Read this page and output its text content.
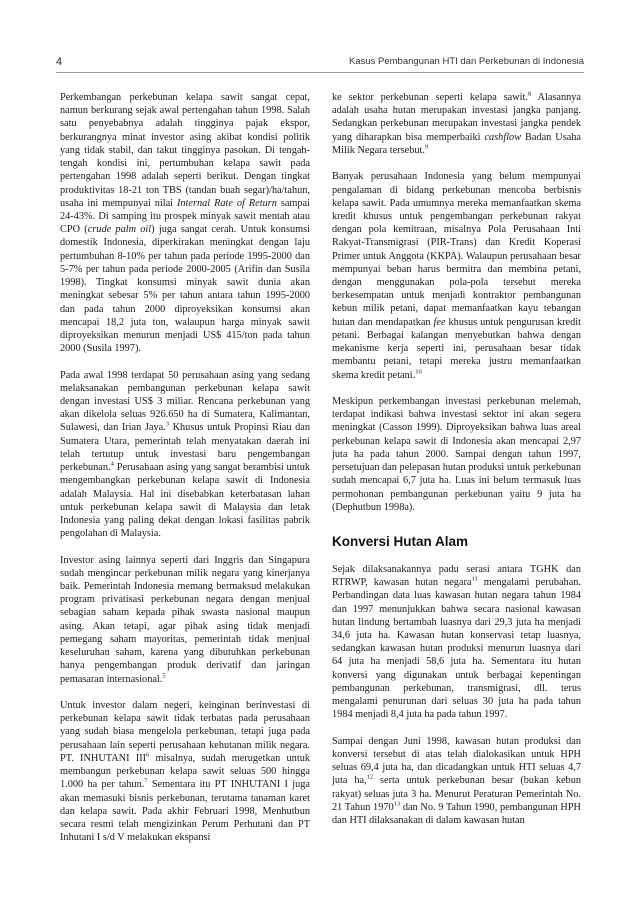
4	Kasus Pembangunan HTI dan Perkebunan di Indonesia

Perkembangan perkebunan kelapa sawit sangat cepat, namun berkurang sejak awal pertengahan tahun 1998. Salah satu penyebabnya adalah tingginya pajak ekspor, berkurangnya minat investor asing akibat kondisi politik yang tidak stabil, dan takut tingginya pasokan. Di tengah-tengah kondisi ini, pertumbuhan kelapa sawit pada pertengahan 1998 adalah seperti berikut. Dengan tingkat produktivitas 18-21 ton TBS (tandan buah segar)/ha/tahun, usaha ini mempunyai nilai Internal Rate of Return sampai 24-43%. Di samping itu prospek minyak sawit mentah atau CPO (crude palm oil) juga sangat cerah. Untuk konsumsi domestik Indonesia, diperkirakan meningkat dengan laju pertumbuhan 8-10% per tahun pada periode 1995-2000 dan 5-7% per tahun pada periode 2000-2005 (Arifin dan Susila 1998). Tingkat konsumsi minyak sawit dunia akan meningkat sebesar 5% per tahun antara tahun 1995-2000 dan pada tahun 2000 diproyeksikan konsumsi akan mencapai 18,2 juta ton, walaupun harga minyak sawit diproyeksikan menurun menjadi US$ 415/ton pada tahun 2000 (Susila 1997).

Pada awal 1998 terdapat 50 perusahaan asing yang sedang melaksanakan pembangunan perkebunan kelapa sawit dengan investasi US$ 3 miliar. Rencana perkebunan yang akan dikelola seluas 926.650 ha di Sumatera, Kalimantan, Sulawesi, dan Irian Jaya.$^3$ Khusus untuk Propinsi Riau dan Sumatera Utara, pemerintah telah menyatakan daerah ini telah tertutup untuk investasi baru pengembangan perkebunan.$^4$ Perusahaan asing yang sangat berambisi untuk mengembangkan perkebunan kelapa sawit di Indonesia adalah Malaysia. Hal ini disebabkan keterbatasan lahan untuk perkebunan kelapa sawit di Malaysia dan letak Indonesia yang paling dekat dengan lokasi fasilitas pabrik pengolahan di Malaysia.

Investor asing lainnya seperti dari Inggris dan Singapura sudah mengincar perkebunan milik negara yang kinerjanya baik. Pemerintah Indonesia memang bermaksud melakukan program privatisasi perkebunan negara dengan menjual sebagian saham kepada pihak swasta nasional maupun asing. Akan tetapi, agar pihak asing tidak menjadi pemegang saham mayoritas, pemerintah tidak menjual keseluruhan saham, karena yang dibutuhkan perkebunan hanya pengembangan produk derivatif dan jaringan pemasaran internasional.$^5$

Untuk investor dalam negeri, keinginan berinvestasi di perkebunan kelapa sawit tidak terbatas pada perusahaan yang sudah biasa mengelola perkebunan, tetapi juga pada perusahaan lain seperti perusahaan kehutanan milik negara. PT. INHUTANI III$^6$ misalnya, sudah merugetkan untuk membangun perkebunan kelapa sawit seluas 500 hingga 1.000 ha per tahun.$^7$ Sementara itu PT INHUTANI I juga akan memasuki bisnis perkebunan, terutama tanaman karet dan kelapa sawit. Pada akhir Februari 1998, Menhutbun secara resmi telah mengizinkan Perum Perhutani dan PT Inhutani I s/d V melakukan ekspansi

ke sektor perkebunan seperti kelapa sawit.$^8$ Alasannya adalah usaha hutan merupakan investasi jangka panjang. Sedangkan perkebunan merupakan investasi jangka pendek yang diharapkan bisa memperbaiki cashflow Badan Usaha Milik Negara tersebut.$^9$

Banyak perusahaan Indonesia yang belum mempunyai pengalaman di bidang perkebunan mencoba berbisnis kelapa sawit. Pada umumnya mereka memanfaatkan skema kredit khusus untuk pengembangan perkebunan rakyat dengan pola kemitraan, misalnya Pola Perusahaan Inti Rakyat-Transmigrasi (PIR-Trans) dan Kredit Koperasi Primer untuk Anggota (KKPA). Walaupun perusahaan besar mempunyai beban harus bermitra dan membina petani, dengan menggunakan pola-pola tersebut mereka berkesempatan untuk menjadi kontraktor pembangunan kebun milik petani, dapat memanfaatkan kayu tebangan hutan dan mendapatkan fee khusus untuk pengurusan kredit petani. Berbagai kalangan menyebutkan bahwa dengan mekanisme kerja seperti ini, perusahaan besar tidak membantu petani, tetapi mereka justru memanfaatkan skema kredit petani.$^{10}$

Meskipun perkembangan investasi perkebunan melemah, terdapat indikasi bahwa investasi sektor ini akan segera meningkat (Casson 1999). Diproyeksikan bahwa luas areal perkebunan kelapa sawit di Indonesia akan mencapai 2,97 juta ha pada tahun 2000. Sampai dengan tahun 1997, persetujuan dan pelepasan hutan produksi untuk perkebunan sudah mencapai 6,7 juta ha. Luas ini belum termasuk luas permohonan pembangunan perkebunan yaitu 9 juta ha (Dephutbun 1998a).

Konversi Hutan Alam

Sejak dilaksanakannya padu serasi antara TGHK dan RTRWP, kawasan hutan negara$^{11}$ mengalami perubahan. Perbandingan data luas kawasan hutan negara tahun 1984 dan 1997 menunjukkan bahwa secara nasional kawasan hutan lindung bertambah luasnya dari 29,3 juta ha menjadi 34,6 juta ha. Kawasan hutan konservasi tetap luasnya, sedangkan kawasan hutan produksi menurun luasnya dari 64 juta ha menjadi 58,6 juta ha. Sementara itu hutan konversi yang digunakan untuk berbagai kepentingan pembangunan perkebunan, transmigrasi, dll. terus mengalami penurunan dari seluas 30 juta ha pada tahun 1984 menjadi 8,4 juta ha pada tahun 1997.

Sampai dengan Juni 1998, kawasan hutan produksi dan konversi tersebut di atas telah dialokasikan untuk HPH seluas 69,4 juta ha, dan dicadangkan untuk HTI seluas 4,7 juta ha,$^{12}$ serta untuk perkebunan besar (bukan kebun rakyat) seluas juta 3 ha. Menurut Peraturan Pemerintah No. 21 Tahun 1970$^{13}$ dan No. 9 Tahun 1990, pembangunan HPH dan HTI dilaksanakan di dalam kawasan hutan
